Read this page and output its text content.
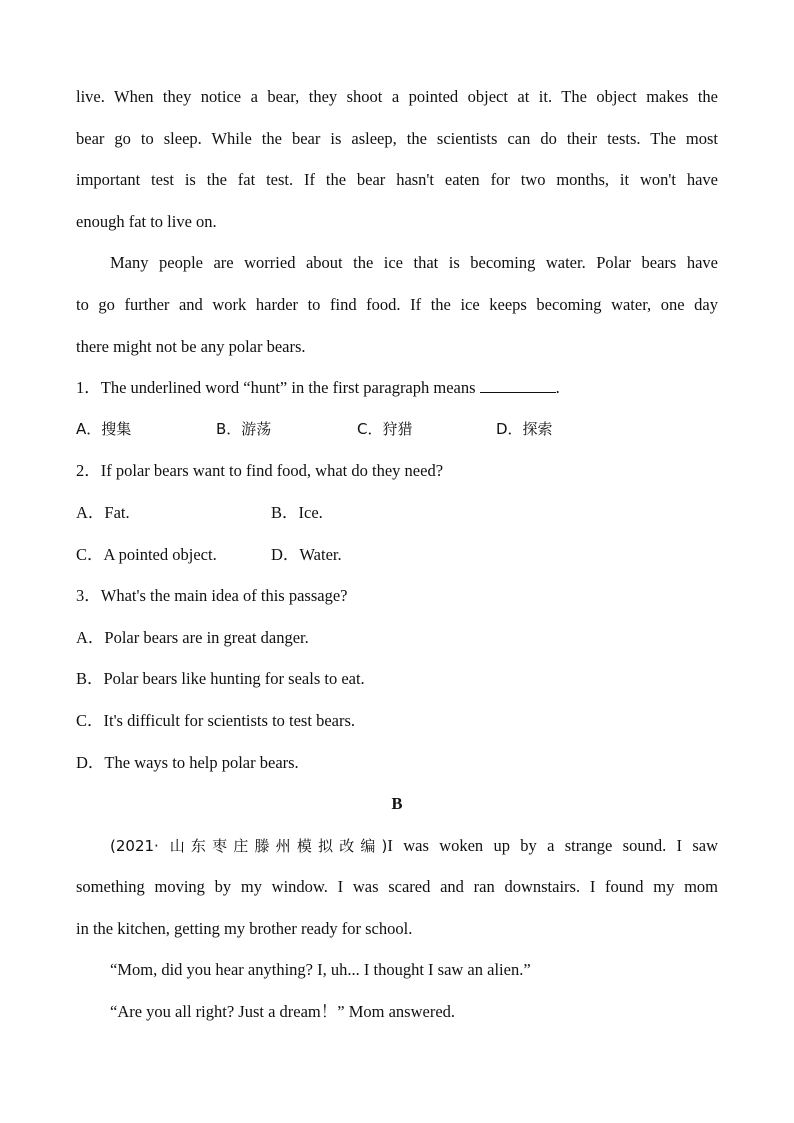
live. When they notice a bear, they shoot a pointed object at it. The object makes the
bear go to sleep. While the bear is asleep, the scientists can do their tests. The most
important test is the fat test. If the bear hasn't eaten for two months, it won't have
enough fat to live on.
Many people are worried about the ice that is becoming water. Polar bears have
to go further and work harder to find food. If the ice keeps becoming water, one day
there might not be any polar bears.
1．The underlined word “hunt” in the first paragraph means	.
A．搜集	B．游荡	C．狩猎	D．探索
2．If polar bears want to find food, what do they need?
A．Fat.	B．Ice.
C．A pointed object.	D．Water.
3．What's the main idea of this passage?
A．Polar bears are in great danger.
B．Polar bears like hunting for seals to eat.
C．It's difficult for scientists to test bears.
D．The ways to help polar bears.
B
(2021· 山东枣庄滕州模拟改编)I was woken up by a strange sound. I saw
something moving by my window. I was scared and ran downstairs. I found my mom
in the kitchen, getting my brother ready for school.
“Mom, did you hear anything? I, uh... I thought I saw an alien.”
“Are you all right? Just a dream！” Mom answered.
